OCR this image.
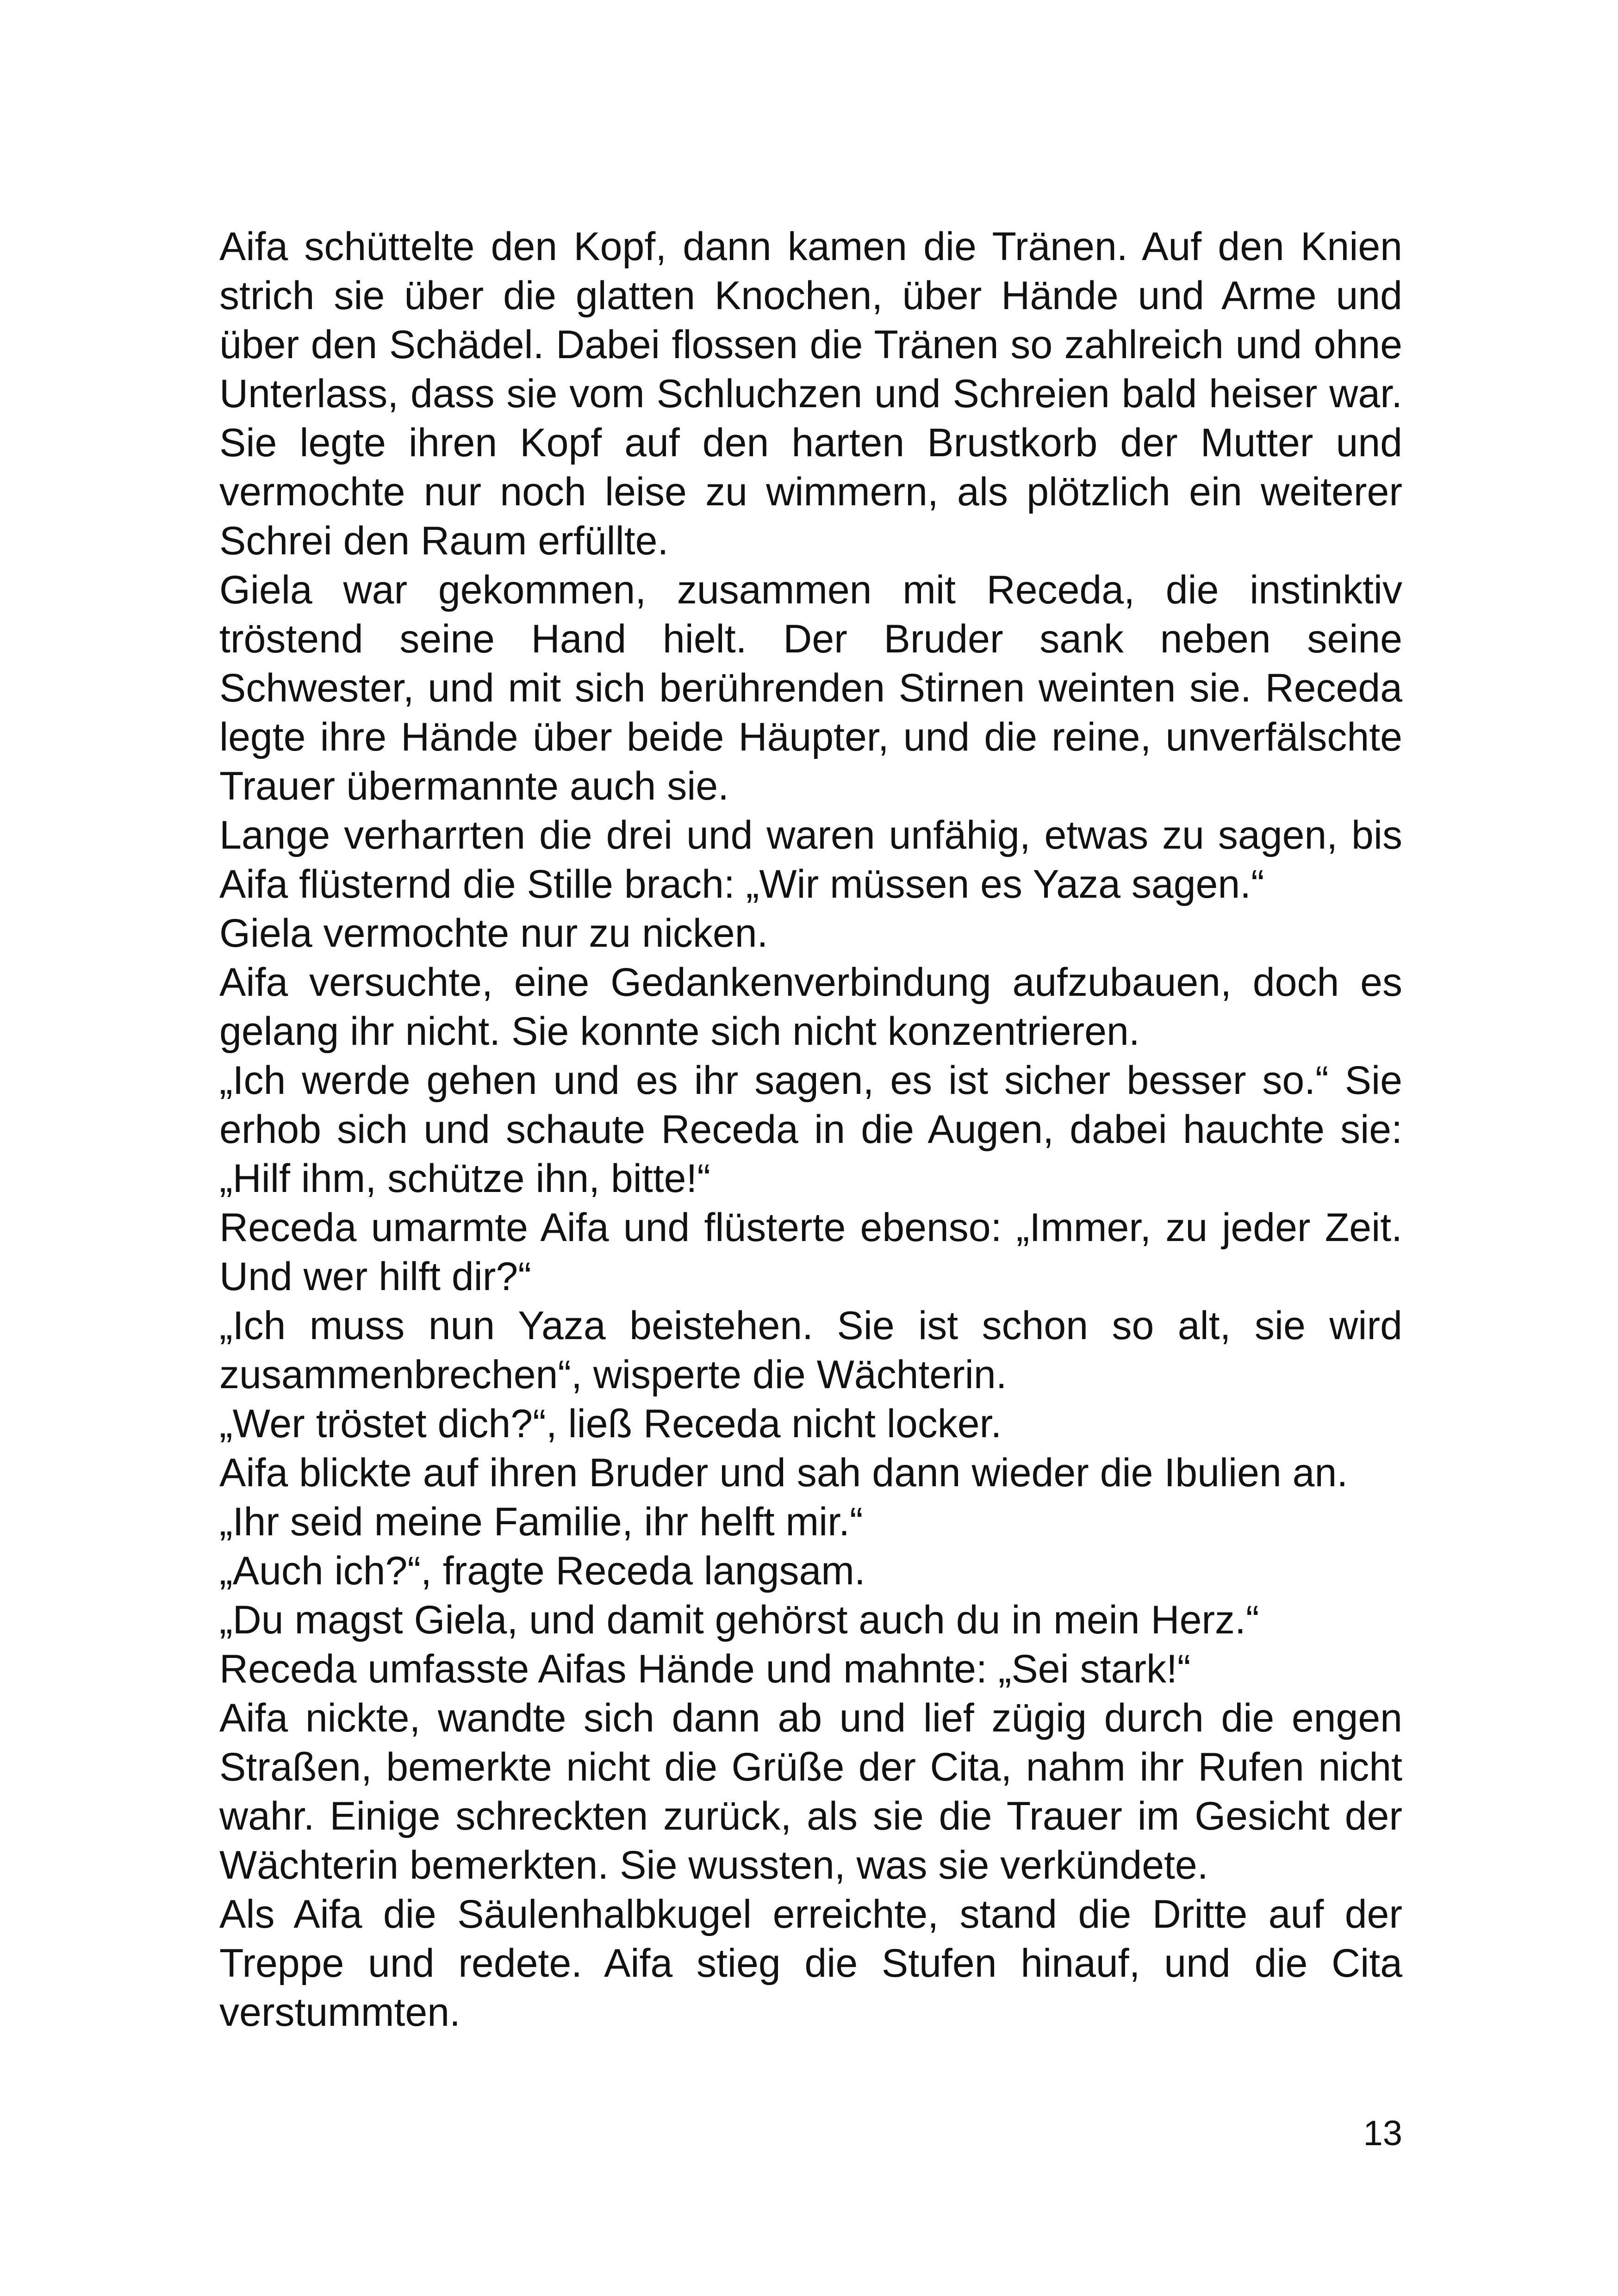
Aifa schüttelte den Kopf, dann kamen die Tränen. Auf den Knien strich sie über die glatten Knochen, über Hände und Arme und über den Schädel. Dabei flossen die Tränen so zahlreich und ohne Unterlass, dass sie vom Schluchzen und Schreien bald heiser war. Sie legte ihren Kopf auf den harten Brustkorb der Mutter und vermochte nur noch leise zu wimmern, als plötzlich ein weiterer Schrei den Raum erfüllte.

Giela war gekommen, zusammen mit Receda, die instinktiv tröstend seine Hand hielt. Der Bruder sank neben seine Schwester, und mit sich berührenden Stirnen weinten sie. Receda legte ihre Hände über beide Häupter, und die reine, unverfälschte Trauer übermannte auch sie.

Lange verharrten die drei und waren unfähig, etwas zu sagen, bis Aifa flüsternd die Stille brach: „Wir müssen es Yaza sagen.“

Giela vermochte nur zu nicken.

Aifa versuchte, eine Gedankenverbindung aufzubauen, doch es gelang ihr nicht. Sie konnte sich nicht konzentrieren.

„Ich werde gehen und es ihr sagen, es ist sicher besser so.“ Sie erhob sich und schaute Receda in die Augen, dabei hauchte sie: „Hilf ihm, schütze ihn, bitte!“

Receda umarmte Aifa und flüsterte ebenso: „Immer, zu jeder Zeit. Und wer hilft dir?“

„Ich muss nun Yaza beistehen. Sie ist schon so alt, sie wird zusammenbrechen“, wisperte die Wächterin.

„Wer tröstet dich?“, ließ Receda nicht locker.

Aifa blickte auf ihren Bruder und sah dann wieder die Ibulien an.

„Ihr seid meine Familie, ihr helft mir.“

„Auch ich?“, fragte Receda langsam.

„Du magst Giela, und damit gehörst auch du in mein Herz.“

Receda umfasste Aifas Hände und mahnte: „Sei stark!“

Aifa nickte, wandte sich dann ab und lief zügig durch die engen Straßen, bemerkte nicht die Grüße der Cita, nahm ihr Rufen nicht wahr. Einige schreckten zurück, als sie die Trauer im Gesicht der Wächterin bemerkten. Sie wussten, was sie verkündete.

Als Aifa die Säulenhalbkugel erreichte, stand die Dritte auf der Treppe und redete. Aifa stieg die Stufen hinauf, und die Cita verstummten.

13
